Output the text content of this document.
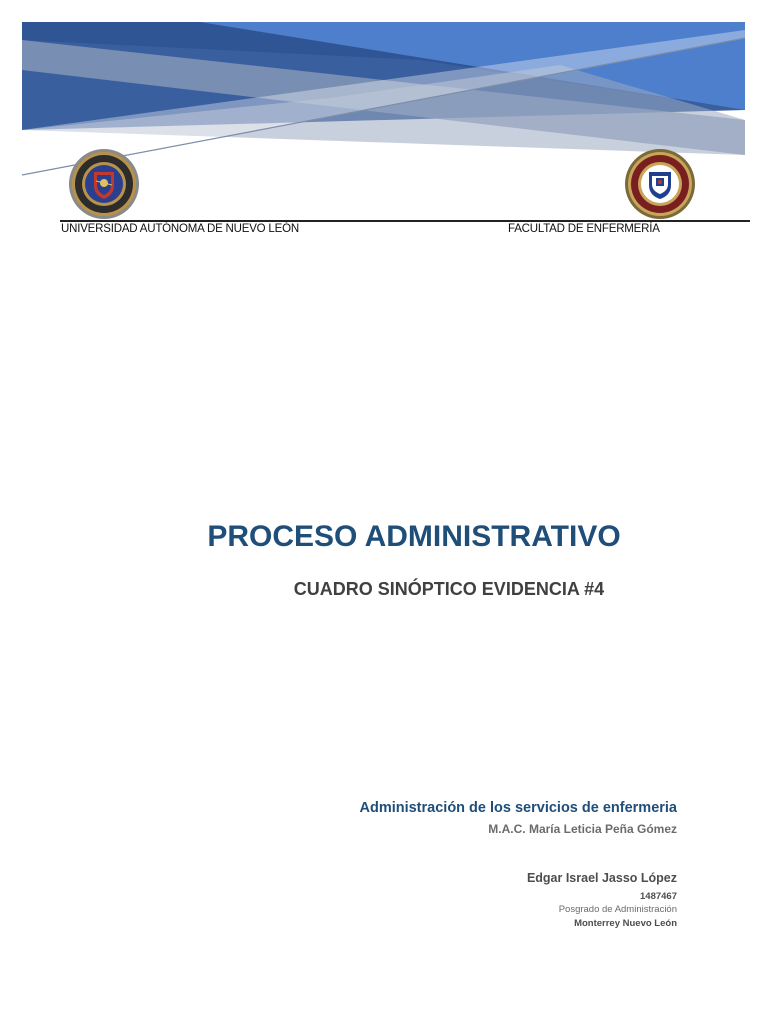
UNIVERSIDAD AUTÓNOMA DE NUEVO LEÓN	FACULTAD DE ENFERMERÍA
PROCESO ADMINISTRATIVO
CUADRO SINÓPTICO EVIDENCIA #4
Administración de los servicios de enfermeria
M.A.C. María Leticia Peña Gómez
Edgar Israel Jasso López
1487467
Posgrado de Administración
Monterrey Nuevo León
